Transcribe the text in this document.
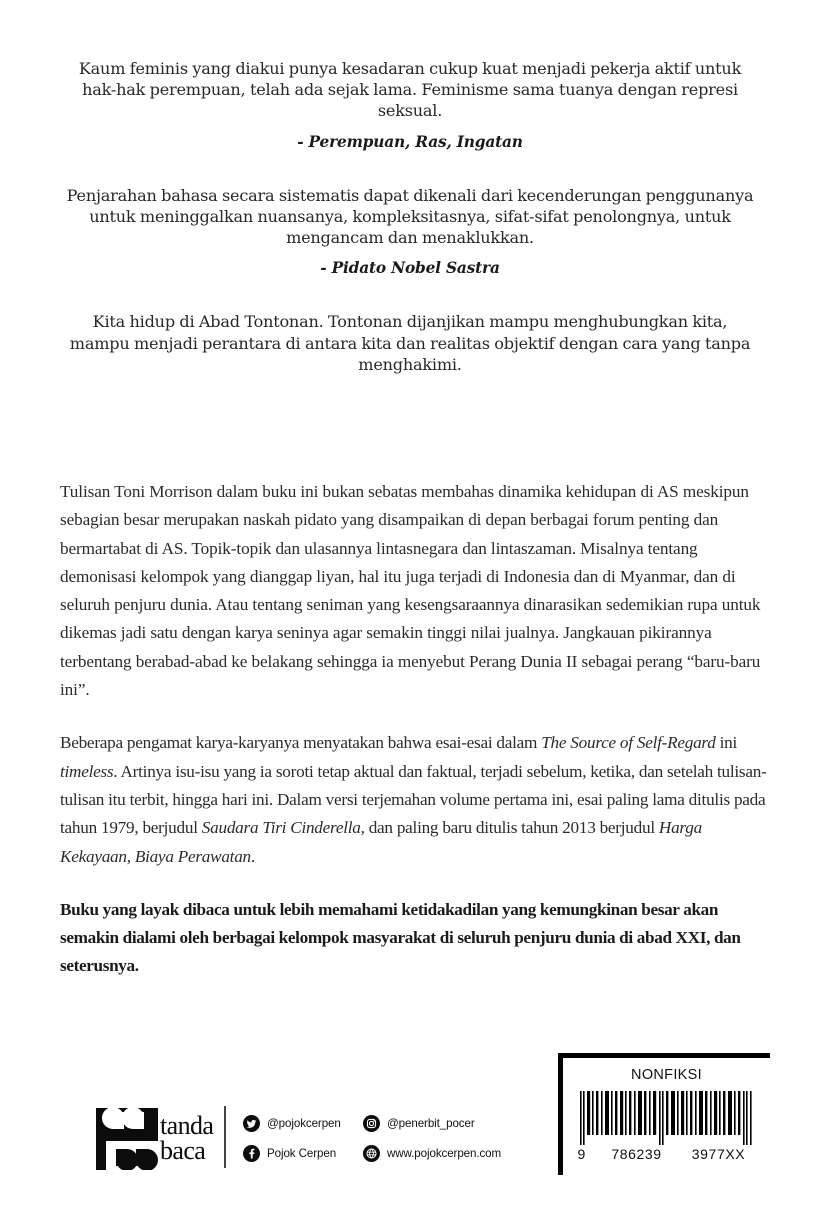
Kaum feminis yang diakui punya kesadaran cukup kuat menjadi pekerja aktif untuk hak-hak perempuan, telah ada sejak lama. Feminisme sama tuanya dengan represi seksual.
- Perempuan, Ras, Ingatan
Penjarahan bahasa secara sistematis dapat dikenali dari kecenderungan penggunanya untuk meninggalkan nuansanya, kompleksitasnya, sifat-sifat penolongnya, untuk mengancam dan menaklukkan.
- Pidato Nobel Sastra
Kita hidup di Abad Tontonan. Tontonan dijanjikan mampu menghubungkan kita, mampu menjadi perantara di antara kita dan realitas objektif dengan cara yang tanpa menghakimi.

Tulisan Toni Morrison dalam buku ini bukan sebatas membahas dinamika kehidupan di AS meskipun sebagian besar merupakan naskah pidato yang disampaikan di depan berbagai forum penting dan bermartabat di AS. Topik-topik dan ulasannya lintasnegara dan lintaszaman. Misalnya tentang demonisasi kelompok yang dianggap liyan, hal itu juga terjadi di Indonesia dan di Myanmar, dan di seluruh penjuru dunia. Atau tentang seniman yang kesengsaraannya dinarasikan sedemikian rupa untuk dikemas jadi satu dengan karya seninya agar semakin tinggi nilai jualnya. Jangkauan pikirannya terbentang berabad-abad ke belakang sehingga ia menyebut Perang Dunia II sebagai perang “baru-baru ini”.

Beberapa pengamat karya-karyanya menyatakan bahwa esai-esai dalam The Source of Self-Regard ini timeless. Artinya isu-isu yang ia soroti tetap aktual dan faktual, terjadi sebelum, ketika, dan setelah tulisan-tulisan itu terbit, hingga hari ini. Dalam versi terjemahan volume pertama ini, esai paling lama ditulis pada tahun 1979, berjudul Saudara Tiri Cinderella, dan paling baru ditulis tahun 2013 berjudul Harga Kekayaan, Biaya Perawatan.

Buku yang layak dibaca untuk lebih memahami ketidakadilan yang kemungkinan besar akan semakin dialami oleh berbagai kelompok masyarakat di seluruh penjuru dunia di abad XXI, dan seterusnya.

tanda
baca
@pojokcerpen	@penerbit_pocer
Pojok Cerpen	www.pojokcerpen.com
NONFIKSI
9	786239	3977XX
